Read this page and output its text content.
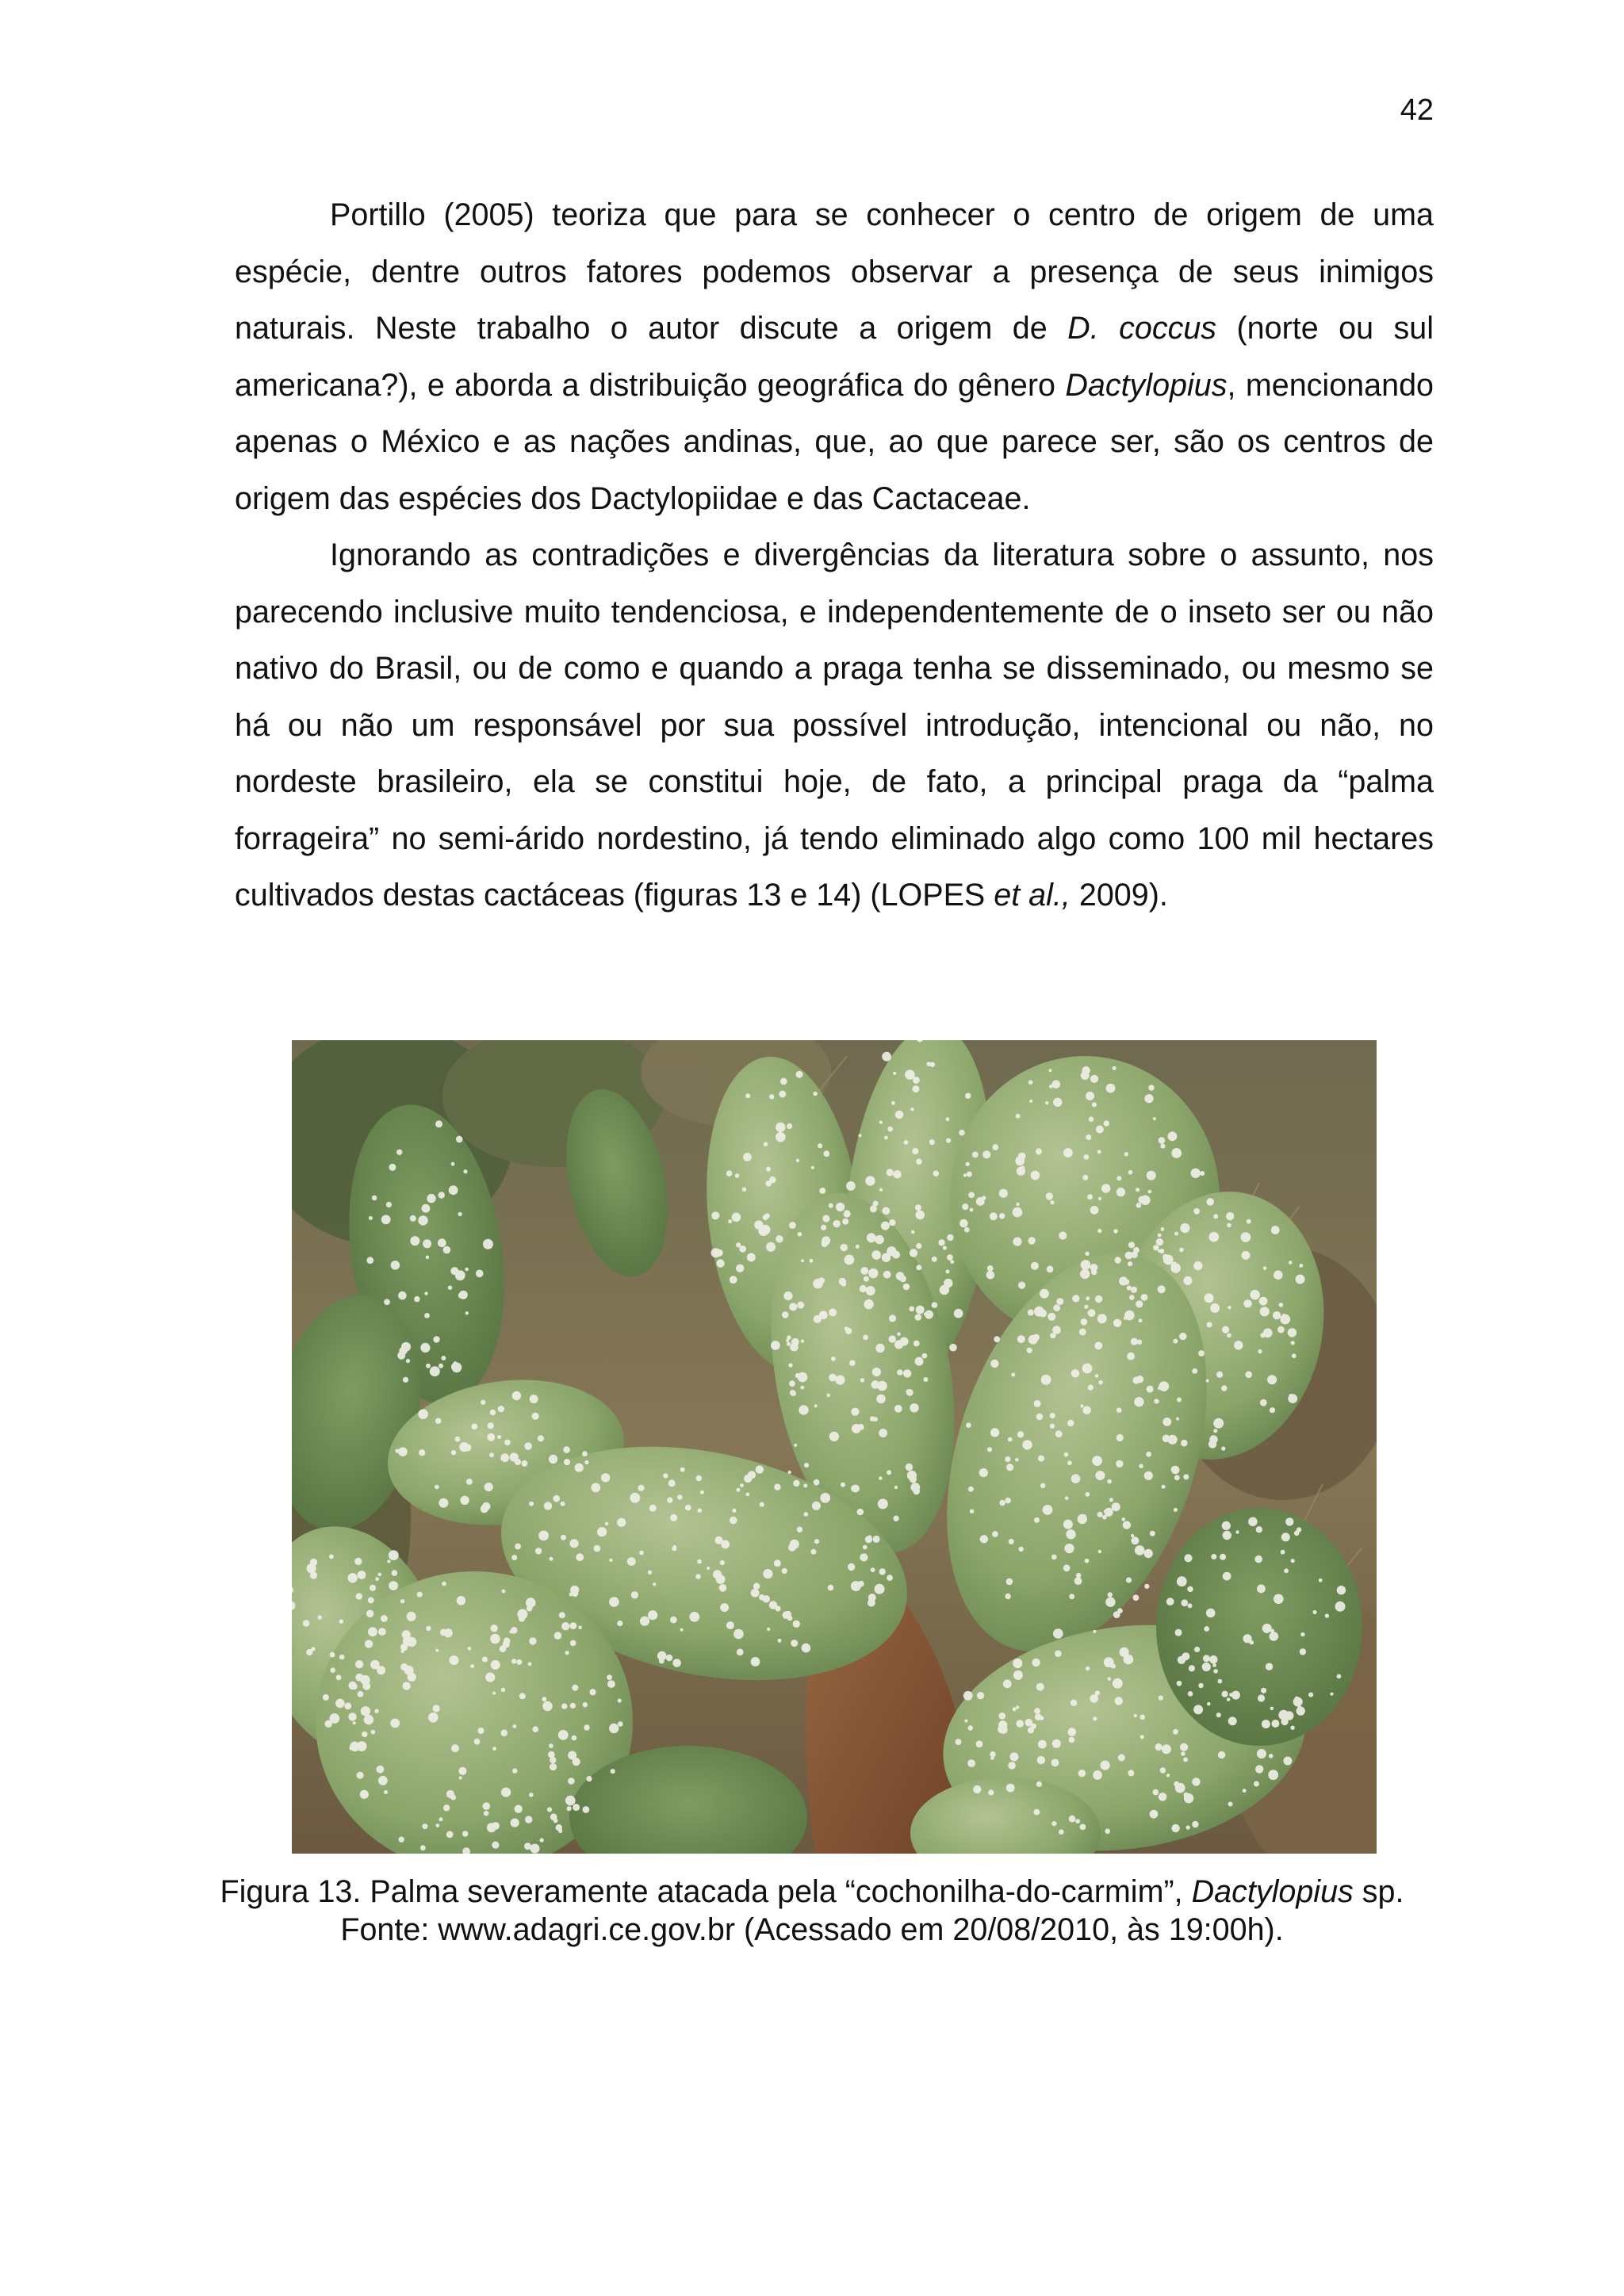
42

Portillo (2005) teoriza que para se conhecer o centro de origem de uma espécie, dentre outros fatores podemos observar a presença de seus inimigos naturais. Neste trabalho o autor discute a origem de D. coccus (norte ou sul americana?), e aborda a distribuição geográfica do gênero Dactylopius, mencionando apenas o México e as nações andinas, que, ao que parece ser, são os centros de origem das espécies dos Dactylopiidae e das Cactaceae.

Ignorando as contradições e divergências da literatura sobre o assunto, nos parecendo inclusive muito tendenciosa, e independentemente de o inseto ser ou não nativo do Brasil, ou de como e quando a praga tenha se disseminado, ou mesmo se há ou não um responsável por sua possível introdução, intencional ou não, no nordeste brasileiro, ela se constitui hoje, de fato, a principal praga da “palma forrageira” no semi-árido nordestino, já tendo eliminado algo como 100 mil hectares cultivados destas cactáceas (figuras 13 e 14) (LOPES et al., 2009).

Figura 13. Palma severamente atacada pela “cochonilha-do-carmim”, Dactylopius sp.
Fonte: www.adagri.ce.gov.br (Acessado em 20/08/2010, às 19:00h).
